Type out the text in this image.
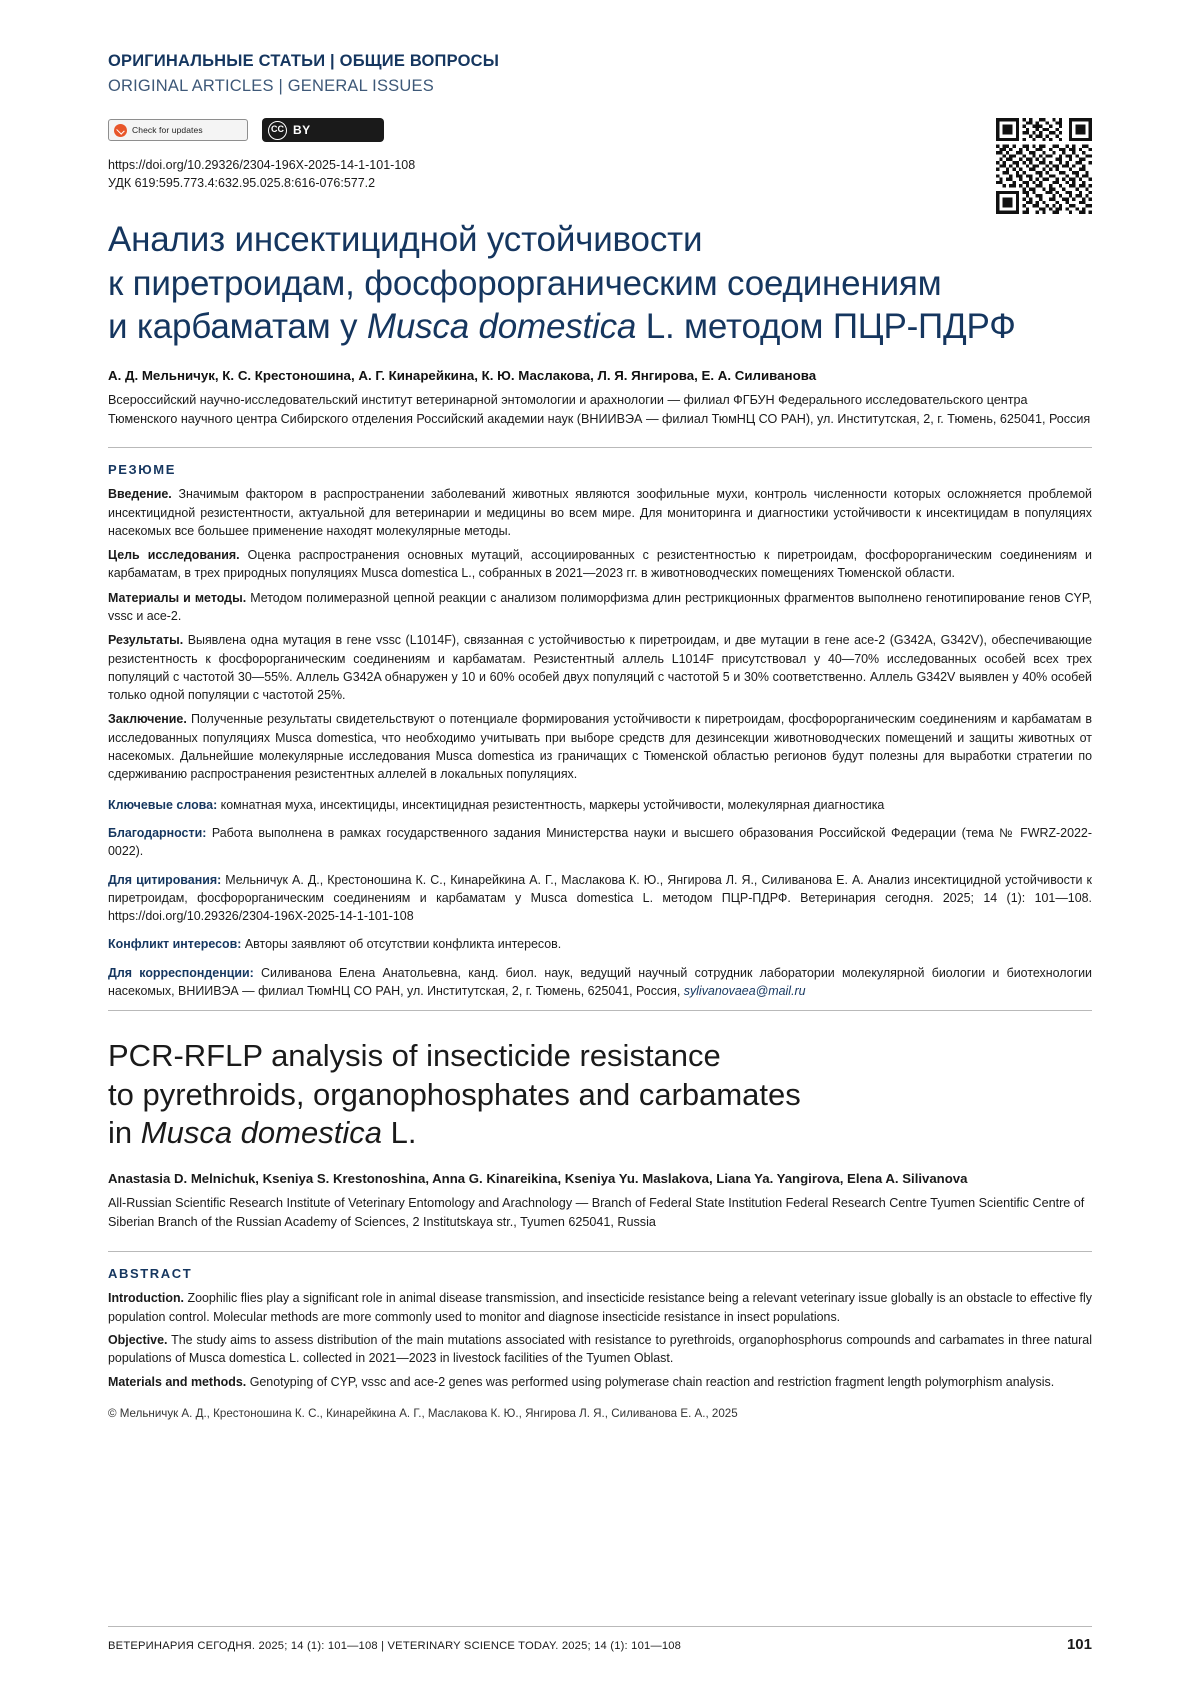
ОРИГИНАЛЬНЫЕ СТАТЬИ | ОБЩИЕ ВОПРОСЫ
ORIGINAL ARTICLES | GENERAL ISSUES
Check for updates	CC BY
https://doi.org/10.29326/2304-196X-2025-14-1-101-108
УДК 619:595.773.4:632.95.025.8:616-076:577.2
Анализ инсектицидной устойчивости
к пиретроидам, фосфорорганическим соединениям
и карбаматам у Musca domestica L. методом ПЦР-ПДРФ
А. Д. Мельничук, К. С. Крестоношина, А. Г. Кинарейкина, К. Ю. Маслакова, Л. Я. Янгирова, Е. А. Силиванова
Всероссийский научно-исследовательский институт ветеринарной энтомологии и арахнологии — филиал ФГБУН Федерального исследовательского центра Тюменского научного центра Сибирского отделения Российский академии наук (ВНИИВЭА — филиал ТюмНЦ СО РАН), ул. Институтская, 2, г. Тюмень, 625041, Россия
РЕЗЮМЕ

Введение. Значимым фактором в распространении заболеваний животных являются зоофильные мухи, контроль численности которых осложняется проблемой инсектицидной резистентности, актуальной для ветеринарии и медицины во всем мире. Для мониторинга и диагностики устойчивости к инсектицидам в популяциях насекомых все большее применение находят молекулярные методы.

Цель исследования. Оценка распространения основных мутаций, ассоциированных с резистентностью к пиретроидам, фосфорорганическим соединениям и карбаматам, в трех природных популяциях Musca domestica L., собранных в 2021—2023 гг. в животноводческих помещениях Тюменской области.

Материалы и методы. Методом полимеразной цепной реакции с анализом полиморфизма длин рестрикционных фрагментов выполнено генотипирование генов CYP, vssc и ace-2.

Результаты. Выявлена одна мутация в гене vssc (L1014F), связанная с устойчивостью к пиретроидам, и две мутации в гене ace-2 (G342A, G342V), обеспечивающие резистентность к фосфорорганическим соединениям и карбаматам. Резистентный аллель L1014F присутствовал у 40—70% исследованных особей всех трех популяций с частотой 30—55%. Аллель G342A обнаружен у 10 и 60% особей двух популяций с частотой 5 и 30% соответственно. Аллель G342V выявлен у 40% особей только одной популяции с частотой 25%.

Заключение. Полученные результаты свидетельствуют о потенциале формирования устойчивости к пиретроидам, фосфорорганическим соединениям и карбаматам в исследованных популяциях Musca domestica, что необходимо учитывать при выборе средств для дезинсекции животноводческих помещений и защиты животных от насекомых. Дальнейшие молекулярные исследования Musca domestica из граничащих с Тюменской областью регионов будут полезны для выработки стратегии по сдерживанию распространения резистентных аллелей в локальных популяциях.

Ключевые слова: комнатная муха, инсектициды, инсектицидная резистентность, маркеры устойчивости, молекулярная диагностика

Благодарности: Работа выполнена в рамках государственного задания Министерства науки и высшего образования Российской Федерации (тема № FWRZ-2022-0022).

Для цитирования: Мельничук А. Д., Крестоношина К. С., Кинарейкина А. Г., Маслакова К. Ю., Янгирова Л. Я., Силиванова Е. А. Анализ инсектицидной устойчивости к пиретроидам, фосфорорганическим соединениям и карбаматам у Musca domestica L. методом ПЦР-ПДРФ. Ветеринария сегодня. 2025; 14 (1): 101—108. https://doi.org/10.29326/2304-196X-2025-14-1-101-108

Конфликт интересов: Авторы заявляют об отсутствии конфликта интересов.

Для корреспонденции: Силиванова Елена Анатольевна, канд. биол. наук, ведущий научный сотрудник лаборатории молекулярной биологии и биотехнологии насекомых, ВНИИВЭА — филиал ТюмНЦ СО РАН, ул. Институтская, 2, г. Тюмень, 625041, Россия, sylivanovaea@mail.ru

PCR-RFLP analysis of insecticide resistance
to pyrethroids, organophosphates and carbamates
in Musca domestica L.
Anastasia D. Melnichuk, Kseniya S. Krestonoshina, Anna G. Kinareikina, Kseniya Yu. Maslakova, Liana Ya. Yangirova, Elena A. Silivanova
All-Russian Scientific Research Institute of Veterinary Entomology and Arachnology — Branch of Federal State Institution Federal Research Centre Tyumen Scientific Centre of Siberian Branch of the Russian Academy of Sciences, 2 Institutskaya str., Tyumen 625041, Russia
ABSTRACT

Introduction. Zoophilic flies play a significant role in animal disease transmission, and insecticide resistance being a relevant veterinary issue globally is an obstacle to effective fly population control. Molecular methods are more commonly used to monitor and diagnose insecticide resistance in insect populations.

Objective. The study aims to assess distribution of the main mutations associated with resistance to pyrethroids, organophosphorus compounds and carbamates in three natural populations of Musca domestica L. collected in 2021—2023 in livestock facilities of the Tyumen Oblast.

Materials and methods. Genotyping of CYP, vssc and ace-2 genes was performed using polymerase chain reaction and restriction fragment length polymorphism analysis.

© Мельничук А. Д., Крестоношина К. С., Кинарейкина А. Г., Маслакова К. Ю., Янгирова Л. Я., Силиванова Е. А., 2025
ВЕТЕРИНАРИЯ СЕГОДНЯ. 2025; 14 (1): 101—108 | VETERINARY SCIENCE TODAY. 2025; 14 (1): 101—108	101
